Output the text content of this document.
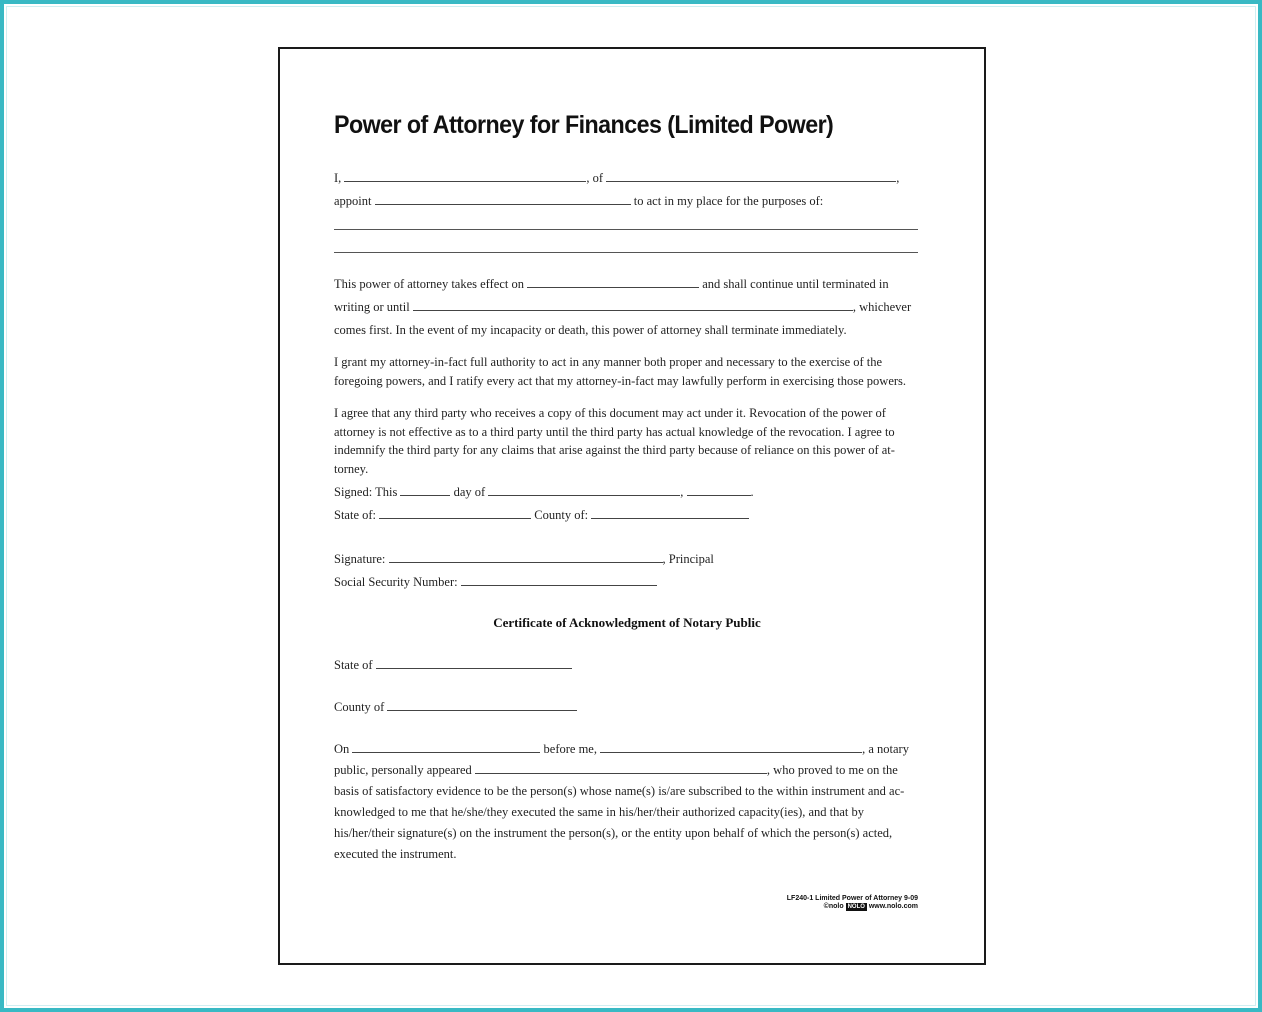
Power of Attorney for Finances (Limited Power)
I,	, of	,
appoint	to act in my place for the purposes of:
This power of attorney takes effect on	and shall continue until terminated in
writing or until	, whichever
comes first. In the event of my incapacity or death, this power of attorney shall terminate immediately.
I grant my attorney-in-fact full authority to act in any manner both proper and necessary to the exercise of the foregoing powers, and I ratify every act that my attorney-in-fact may lawfully perform in exercising those powers.
I agree that any third party who receives a copy of this document may act under it. Revocation of the power of attorney is not effective as to a third party until the third party has actual knowledge of the revocation. I agree to indemnify the third party for any claims that arise against the third party because of reliance on this power of at-torney.
Signed: This	day of	,	.
State of:	County of:
Signature:	, Principal
Social Security Number:
Certificate of Acknowledgment of Notary Public
State of
County of
On	before me,	, a notary
public, personally appeared	, who proved to me on the
basis of satisfactory evidence to be the person(s) whose name(s) is/are subscribed to the within instrument and ac-knowledged to me that he/she/they executed the same in his/her/their authorized capacity(ies), and that by his/her/their signature(s) on the instrument the person(s), or the entity upon behalf of which the person(s) acted, executed the instrument.
LF240-1 Limited Power of Attorney 9-09
©nolo NOLO www.nolo.com
